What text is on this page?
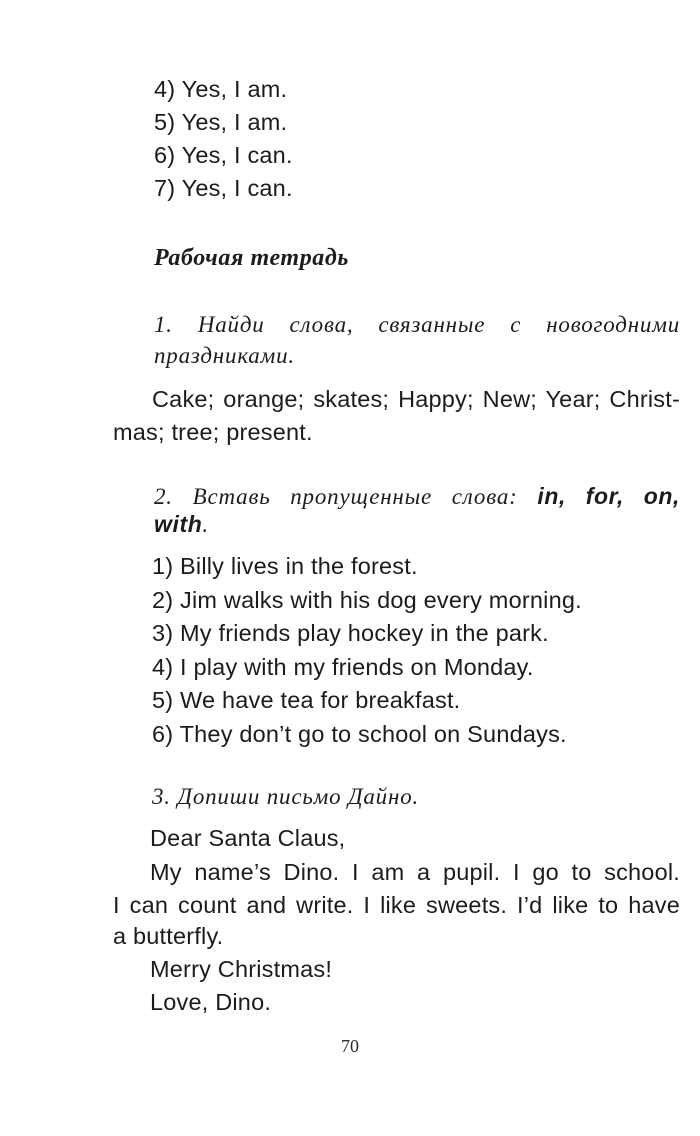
4) Yes, I am.
5) Yes, I am.
6) Yes, I can.
7) Yes, I can.
Рабочая тетрадь
1. Найди слова, связанные с новогодними
праздниками.
Cake; orange; skates; Happy; New; Year; Christ-
mas; tree; present.
2. Вставь пропущенные слова: in, for, on,
with.
1) Billy lives in the forest.
2) Jim walks with his dog every morning.
3) My friends play hockey in the park.
4) I play with my friends on Monday.
5) We have tea for breakfast.
6) They don’t go to school on Sundays.
3. Допиши письмо Дайно.
Dear Santa Claus,
My name’s Dino. I am a pupil. I go to school.
I can count and write. I like sweets. I’d like to have
a butterfly.
Merry Christmas!
Love, Dino.
70
